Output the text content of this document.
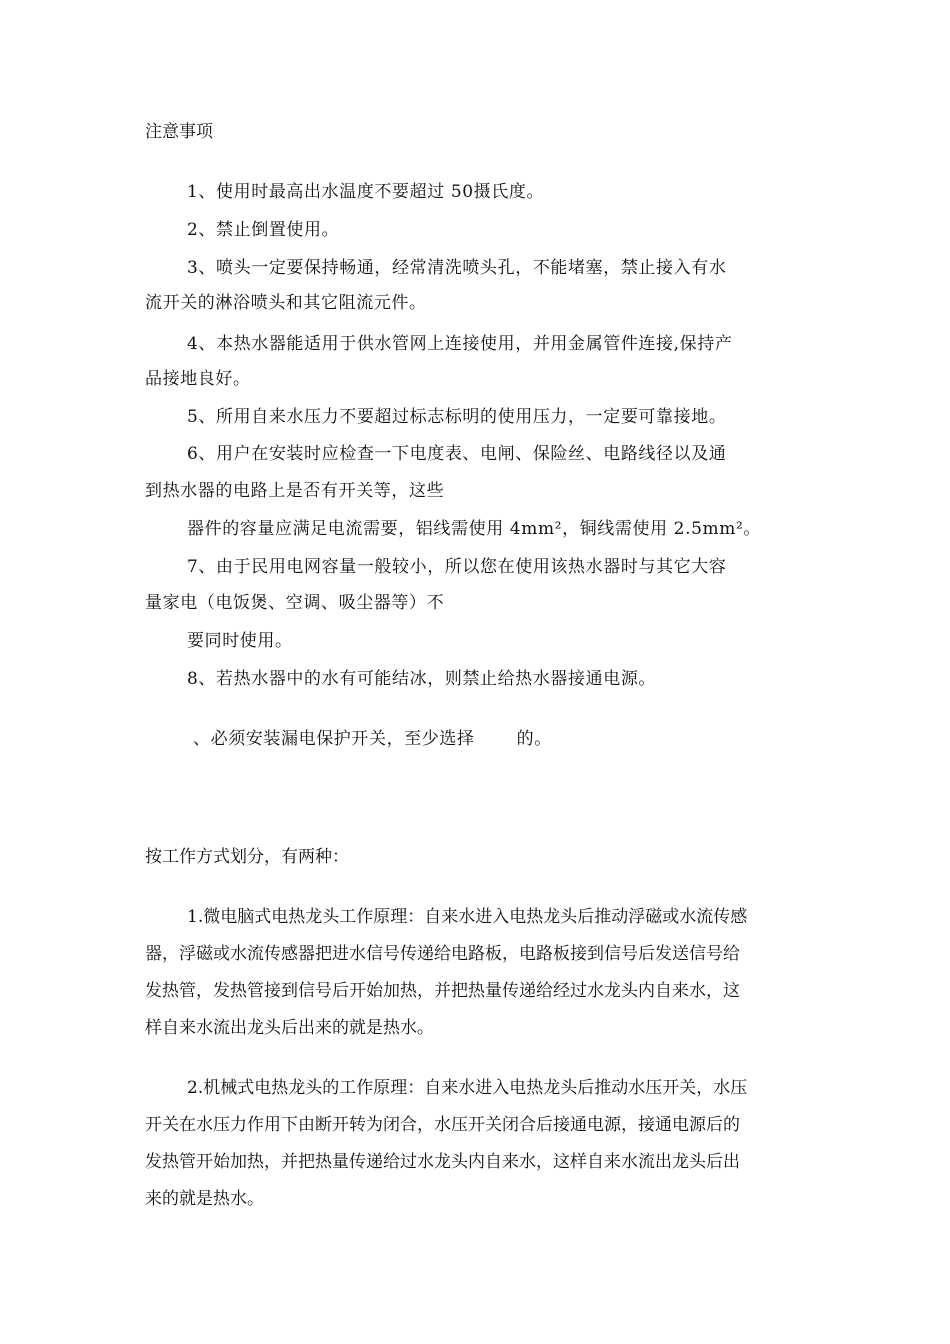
注意事项
1、使用时最高出水温度不要超过 50摄氏度。
2、禁止倒置使用。
3、喷头一定要保持畅通，经常清洗喷头孔，不能堵塞，禁止接入有水
流开关的淋浴喷头和其它阻流元件。
4、本热水器能适用于供水管网上连接使用，并用金属管件连接,保持产
品接地良好。
5、所用自来水压力不要超过标志标明的使用压力，一定要可靠接地。
6、用户在安装时应检查一下电度表、电闸、保险丝、电路线径以及通
到热水器的电路上是否有开关等，这些
器件的容量应满足电流需要，铝线需使用 4mm²，铜线需使用 2.5mm²。
7、由于民用电网容量一般较小，所以您在使用该热水器时与其它大容
量家电（电饭煲、空调、吸尘器等）不
要同时使用。
8、若热水器中的水有可能结冰，则禁止给热水器接通电源。
、必须安装漏电保护开关，至少选择 的。
按工作方式划分，有两种：
1.微电脑式电热龙头工作原理：自来水进入电热龙头后推动浮磁或水流传感
器，浮磁或水流传感器把进水信号传递给电路板，电路板接到信号后发送信号给
发热管，发热管接到信号后开始加热，并把热量传递给经过水龙头内自来水，这
样自来水流出龙头后出来的就是热水。
2.机械式电热龙头的工作原理：自来水进入电热龙头后推动水压开关，水压
开关在水压力作用下由断开转为闭合，水压开关闭合后接通电源，接通电源后的
发热管开始加热，并把热量传递给过水龙头内自来水，这样自来水流出龙头后出
来的就是热水。
